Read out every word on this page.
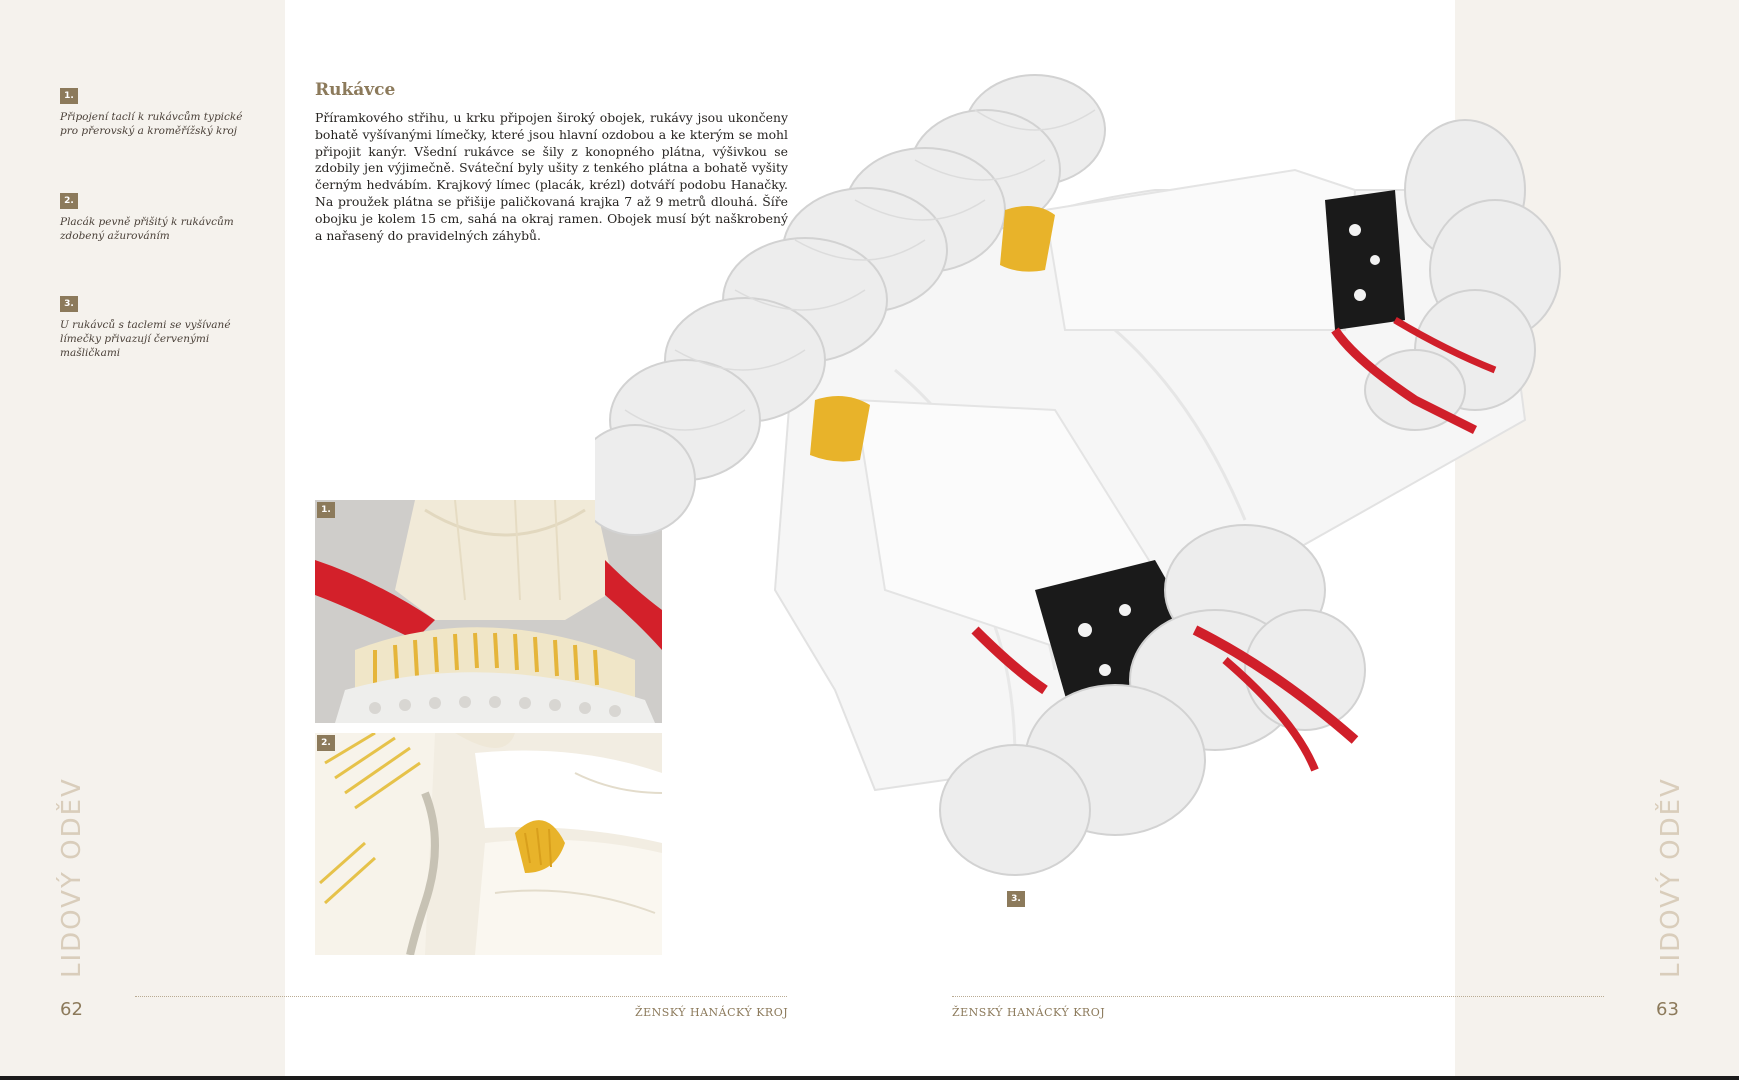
1.
Připojení taclí k rukávcům typické pro přerovský a kroměřížský kroj
2.
Placák pevně přišitý k rukávcům zdobený ažurováním
3.
U rukávců s taclemi se vyšívané límečky přivazují červenými mašličkami
LIDOVÝ ODĚV	LIDOVÝ ODĚV
Rukávce
Příramkového střihu, u krku připojen široký obojek, rukávy jsou ukončeny bohatě vyšívanými límečky, které jsou hlavní ozdobou a ke kterým se mohl připojit kanýr. Všední rukávce se šily z konopného plátna, výšivkou se zdobily jen výjimečně. Sváteční byly ušity z tenkého plátna a bohatě vyšity černým hedvábím. Krajkový límec (placák, krézl) dotváří podobu Hanačky. Na proužek plátna se přišije paličkovaná krajka 7 až 9 metrů dlouhá. Šíře obojku je kolem 15 cm, sahá na okraj ramen. Obojek musí být naškrobený a nařasený do pravidelných záhybů.
1.
2.
3.
62	ŽENSKÝ HANÁCKÝ KROJ	ŽENSKÝ HANÁCKÝ KROJ	63
